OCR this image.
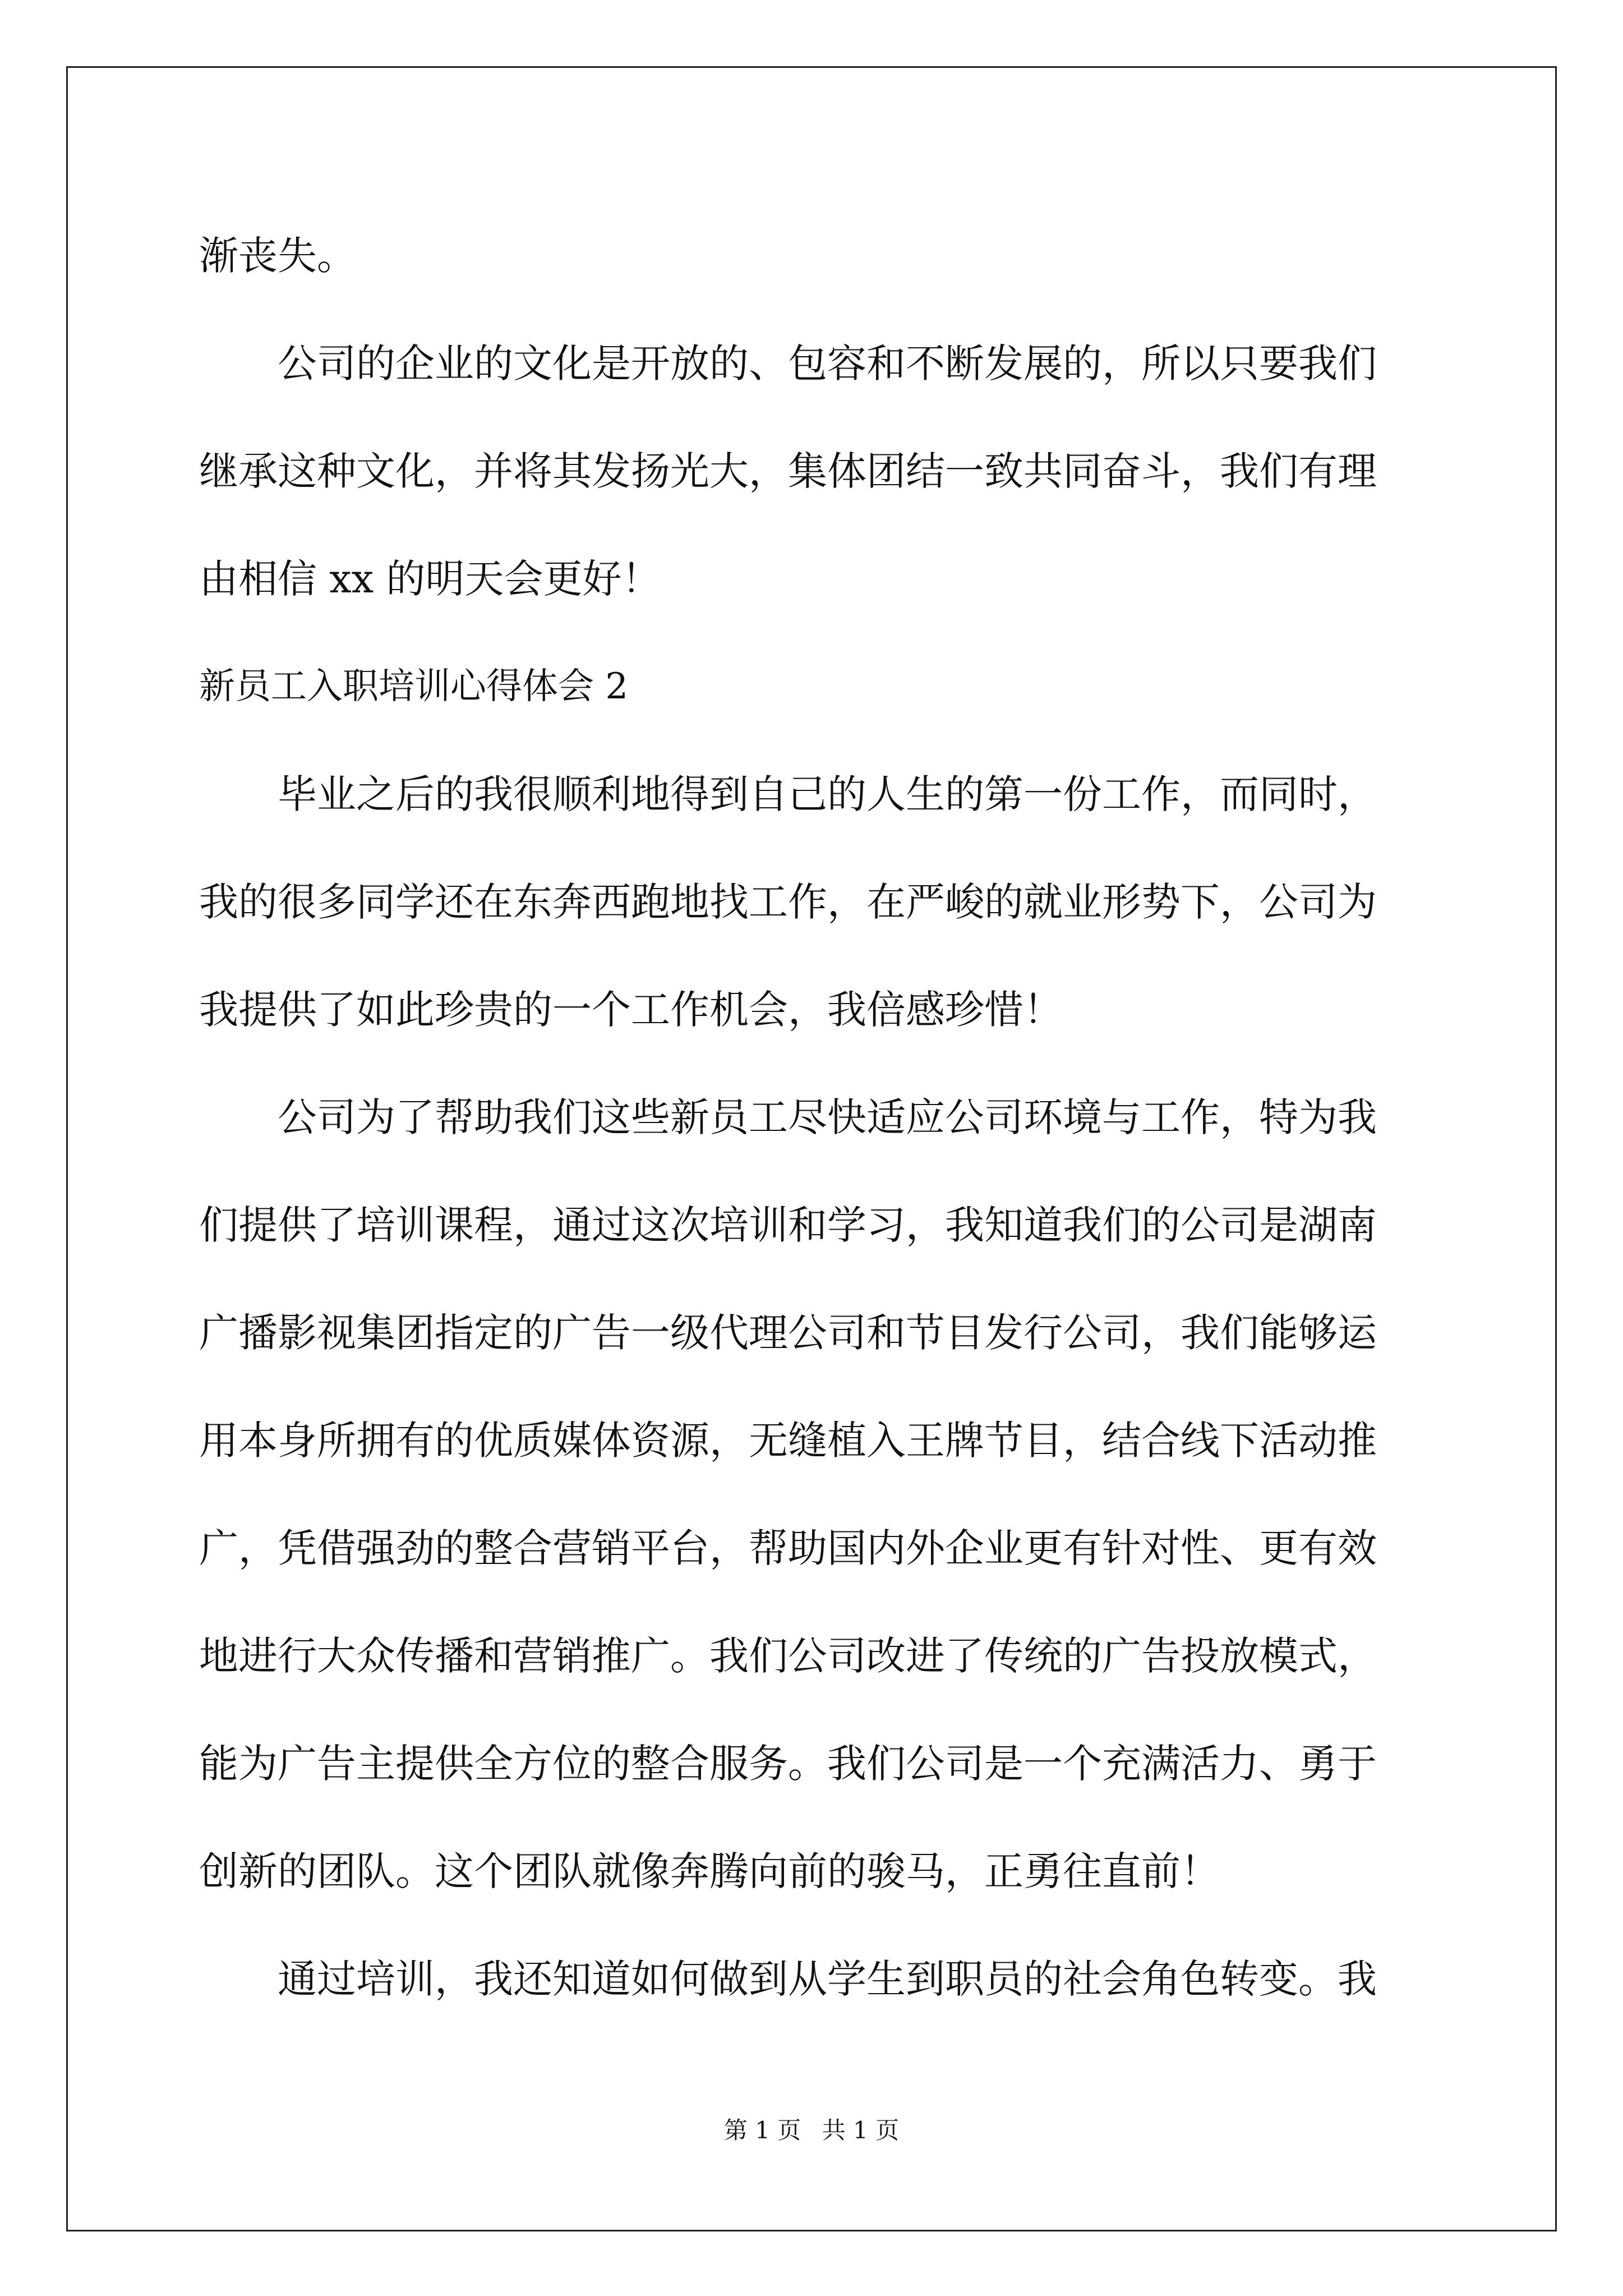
渐丧失。
公司的企业的文化是开放的、包容和不断发展的，所以只要我们
继承这种文化，并将其发扬光大，集体团结一致共同奋斗，我们有理
由相信 xx 的明天会更好！
新员工入职培训心得体会 2
毕业之后的我很顺利地得到自己的人生的第一份工作，而同时，
我的很多同学还在东奔西跑地找工作，在严峻的就业形势下，公司为
我提供了如此珍贵的一个工作机会，我倍感珍惜！
公司为了帮助我们这些新员工尽快适应公司环境与工作，特为我
们提供了培训课程，通过这次培训和学习，我知道我们的公司是湖南
广播影视集团指定的广告一级代理公司和节目发行公司，我们能够运
用本身所拥有的优质媒体资源，无缝植入王牌节目，结合线下活动推
广，凭借强劲的整合营销平台，帮助国内外企业更有针对性、更有效
地进行大众传播和营销推广。我们公司改进了传统的广告投放模式，
能为广告主提供全方位的整合服务。我们公司是一个充满活力、勇于
创新的团队。这个团队就像奔腾向前的骏马，正勇往直前！
通过培训，我还知道如何做到从学生到职员的社会角色转变。我
第 1 页 共 1 页
